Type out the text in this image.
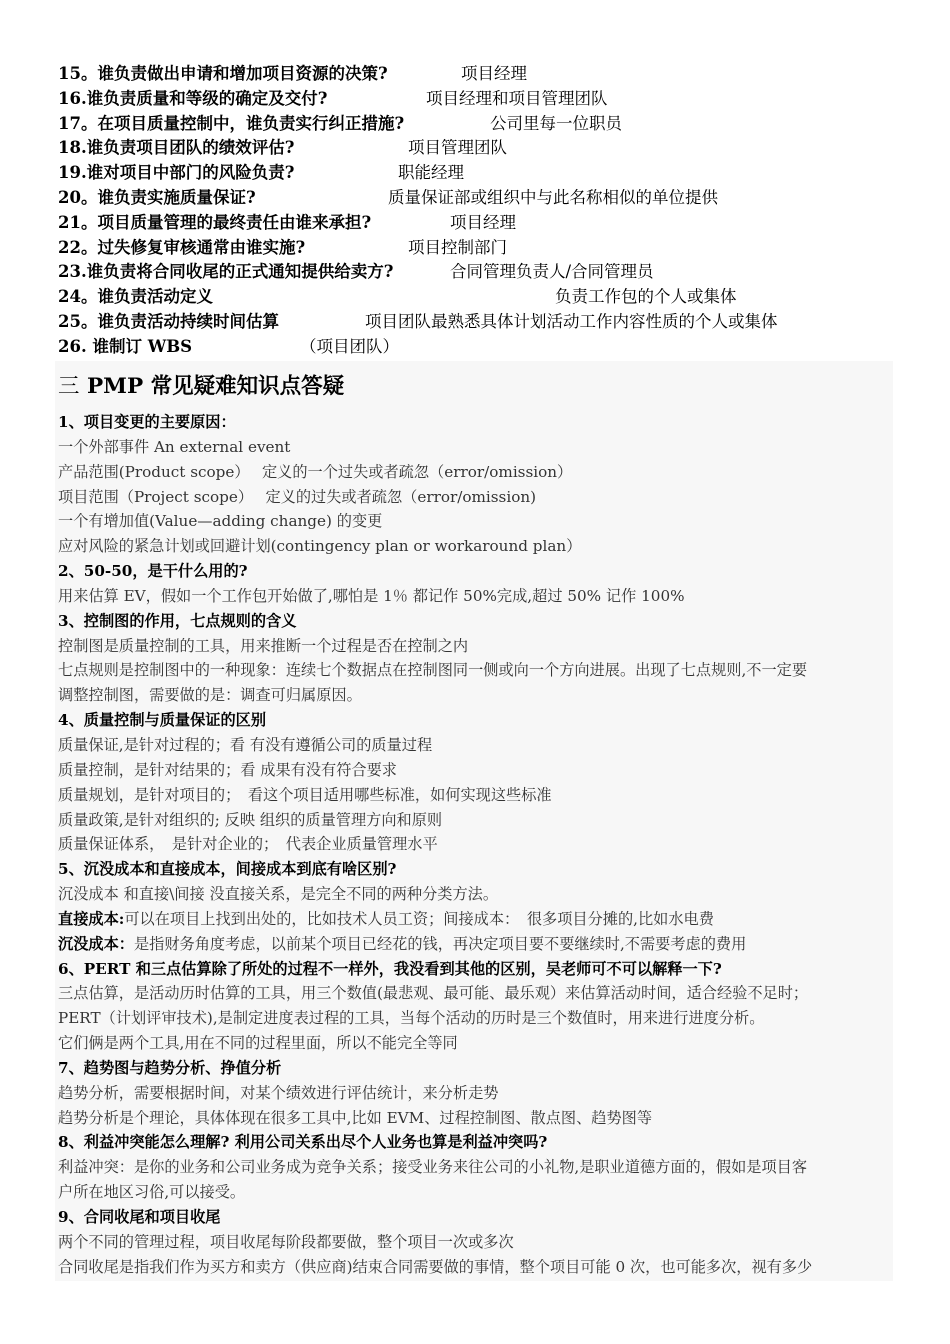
15。谁负责做出申请和增加项目资源的决策?	项目经理
16.谁负责质量和等级的确定及交付?	项目经理和项目管理团队
17。在项目质量控制中，谁负责实行纠正措施?	公司里每一位职员
18.谁负责项目团队的绩效评估?	项目管理团队
19.谁对项目中部门的风险负责?	职能经理
20。谁负责实施质量保证?	质量保证部或组织中与此名称相似的单位提供
21。项目质量管理的最终责任由谁来承担?	项目经理
22。过失修复审核通常由谁实施?	项目控制部门
23.谁负责将合同收尾的正式通知提供给卖方?	合同管理负责人/合同管理员
24。谁负责活动定义	负责工作包的个人或集体
25。谁负责活动持续时间估算	项目团队最熟悉具体计划活动工作内容性质的个人或集体
26. 谁制订 WBS	（项目团队）
三 PMP 常见疑难知识点答疑
1、项目变更的主要原因：
一个外部事件 An external event
产品范围(Product scope）　 定义的一个过失或者疏忽（error/omission）
项目范围（Project scope）　 定义的过失或者疏忽（error/omission)
一个有增加值(Value—adding change) 的变更
应对风险的紧急计划或回避计划(contingency plan or workaround plan）
2、50-50，是干什么用的?
用来估算 EV，假如一个工作包开始做了,哪怕是 1％ 都记作 50%完成,超过 50% 记作 100%
3、控制图的作用，七点规则的含义
控制图是质量控制的工具，用来推断一个过程是否在控制之内
七点规则是控制图中的一种现象：连续七个数据点在控制图同一侧或向一个方向进展。出现了七点规则,不一定要
调整控制图，需要做的是：调查可归属原因。
4、质量控制与质量保证的区别
质量保证,是针对过程的；看 有没有遵循公司的质量过程
质量控制，是针对结果的；看 成果有没有符合要求
质量规划，是针对项目的；　看这个项目适用哪些标准，如何实现这些标准
质量政策,是针对组织的; 反映 组织的质量管理方向和原则
质量保证体系，　是针对企业的；　代表企业质量管理水平
5、沉没成本和直接成本，间接成本到底有啥区别?
沉没成本 和直接\间接 没直接关系，是完全不同的两种分类方法。
直接成本:可以在项目上找到出处的，比如技术人员工资；间接成本：　很多项目分摊的,比如水电费
沉没成本：是指财务角度考虑，以前某个项目已经花的钱，再决定项目要不要继续时,不需要考虑的费用
6、PERT 和三点估算除了所处的过程不一样外，我没看到其他的区别，吴老师可不可以解释一下?
三点估算，是活动历时估算的工具，用三个数值(最悲观、最可能、最乐观）来估算活动时间，适合经验不足时；
PERT（计划评审技术),是制定进度表过程的工具，当每个活动的历时是三个数值时，用来进行进度分析。
它们俩是两个工具,用在不同的过程里面，所以不能完全等同
7、趋势图与趋势分析、挣值分析
趋势分析，需要根据时间，对某个绩效进行评估统计，来分析走势
趋势分析是个理论，具体体现在很多工具中,比如 EVM、过程控制图、散点图、趋势图等
8、利益冲突能怎么理解? 利用公司关系出尽个人业务也算是利益冲突吗?
利益冲突：是你的业务和公司业务成为竞争关系；接受业务来往公司的小礼物,是职业道德方面的，假如是项目客
户所在地区习俗,可以接受。
9、合同收尾和项目收尾
两个不同的管理过程，项目收尾每阶段都要做，整个项目一次或多次
合同收尾是指我们作为买方和卖方（供应商)结束合同需要做的事情，整个项目可能 0 次，也可能多次，视有多少
